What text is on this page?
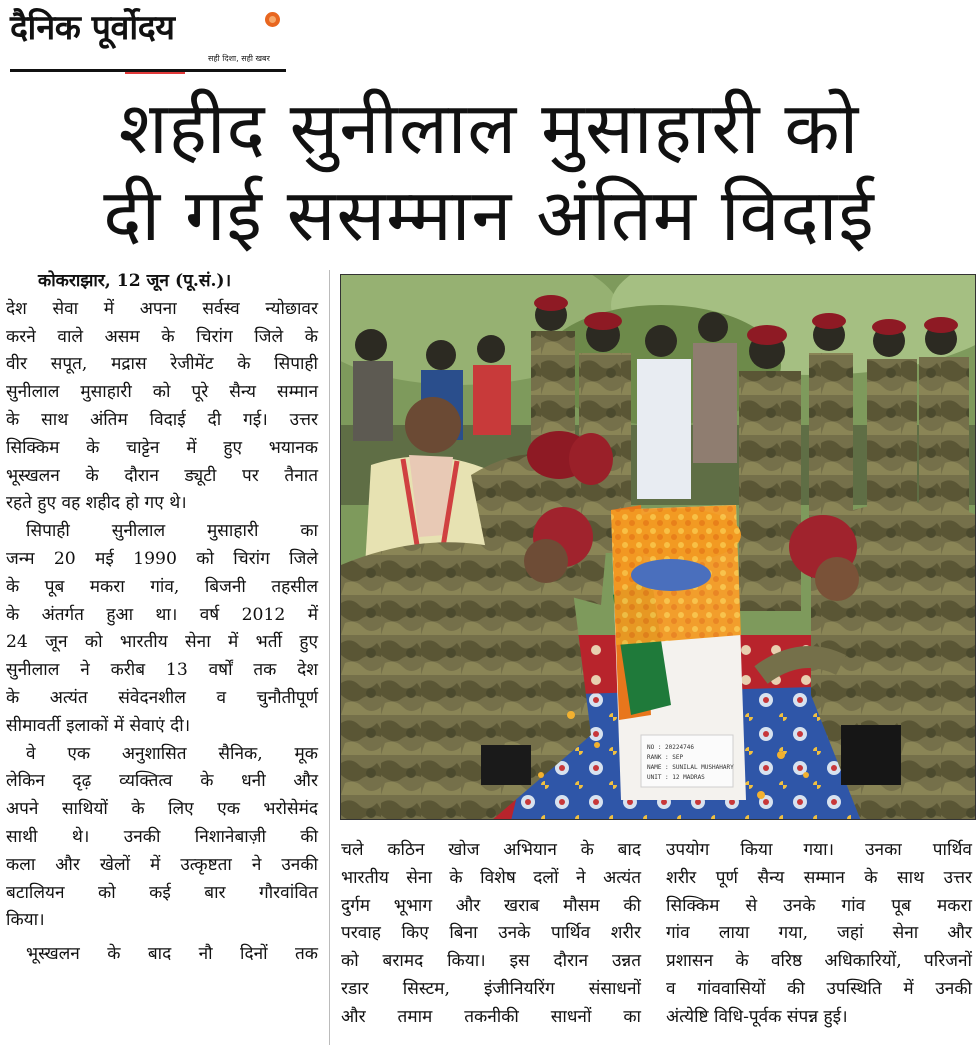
दैनिक पूर्वोदय
सही दिशा, सही खबर
शहीद सुनीलाल मुसाहारी को
दी गई ससम्मान अंतिम विदाई

कोकराझार, 12 जून (पू.सं.)।

देश सेवा में अपना सर्वस्व न्योछावर

करने वाले असम के चिरांग जिले के

वीर सपूत, मद्रास रेजीमेंट के सिपाही

सुनीलाल मुसाहारी को पूरे सैन्य सम्मान

के साथ अंतिम विदाई दी गई। उत्तर

सिक्किम के चाट्टेन में हुए भयानक

भूस्खलन के दौरान ड्यूटी पर तैनात

रहते हुए वह शहीद हो गए थे।

सिपाही सुनीलाल मुसाहारी का

जन्म 20 मई 1990 को चिरांग जिले

के पूब मकरा गांव, बिजनी तहसील

के अंतर्गत हुआ था। वर्ष 2012 में

24 जून को भारतीय सेना में भर्ती हुए

सुनीलाल ने करीब 13 वर्षों तक देश

के अत्यंत संवेदनशील व चुनौतीपूर्ण

सीमावर्ती इलाकों में सेवाएं दी।

वे एक अनुशासित सैनिक, मूक

लेकिन दृढ़ व्यक्तित्व के धनी और

अपने साथियों के लिए एक भरोसेमंद

साथी थे। उनकी निशानेबाज़ी की

कला और खेलों में उत्कृष्टता ने उनकी

बटालियन को कई बार गौरवांवित

किया।

भूस्खलन के बाद नौ दिनों तक

NO : 20224746
RANK : SEP
NAME : SUNILAL MUSHAHARY
UNIT : 12 MADRAS

चले कठिन खोज अभियान के बाद

भारतीय सेना के विशेष दलों ने अत्यंत

दुर्गम भूभाग और खराब मौसम की

परवाह किए बिना उनके पार्थिव शरीर

को बरामद किया। इस दौरान उन्नत

रडार सिस्टम, इंजीनियरिंग संसाधनों

और तमाम तकनीकी साधनों का

उपयोग किया गया। उनका पार्थिव

शरीर पूर्ण सैन्य सम्मान के साथ उत्तर

सिक्किम से उनके गांव पूब मकरा

गांव लाया गया, जहां सेना और

प्रशासन के वरिष्ठ अधिकारियों, परिजनों

व गांववासियों की उपस्थिति में उनकी

अंत्येष्टि विधि-पूर्वक संपन्न हुई।
